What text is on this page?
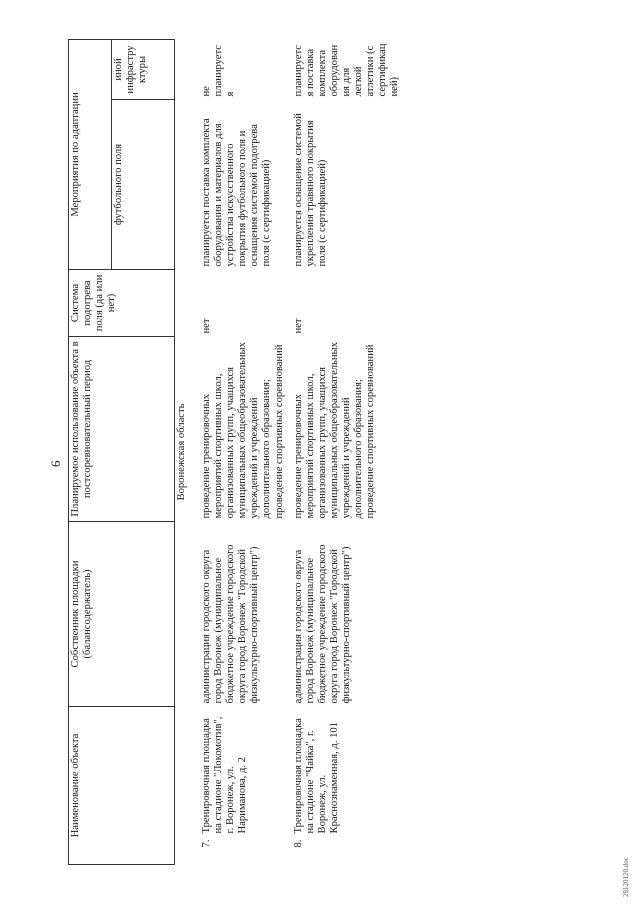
6
Наименование объекта		Собственник площадки (балансодержатель)	Планируемое использование объекта в постсоревновательный период	Система подогрева поля (да или нет)	Мероприятия по адаптации	
					футбольного поля	иной инфраструктуры
Воронежская область						
7.	Тренировочная площадка на стадионе "Локомотив", г. Воронеж, ул. Нариманова, д. 2	администрация городского округа город Воронеж (муниципальное бюджетное учреждение городского округа город Воронеж "Городской физкультурно-спортивный центр")	проведение тренировочных мероприятий спортивных школ, организованных групп, учащихся муниципальных общеобразовательных учреждений и учреждений дополнительного образования; проведение спортивных соревнований	нет	планируется поставка комплекта оборудования и материалов для устройства искусственного покрытия футбольного поля и оснащения системой подогрева поля (с сертификацией)	не планируется
8.	Тренировочная площадка на стадионе "Чайка", г. Воронеж, ул. Краснознаменная, д. 101	администрация городского округа город Воронеж (муниципальное бюджетное учреждение городского округа город Воронеж "Городской физкультурно-спортивный центр")	проведение тренировочных мероприятий спортивных школ, организованных групп, учащихся муниципальных общеобразовательных учреждений и учреждений дополнительного образования; проведение спортивных соревнований	нет	планируется оснащение системой укрепления травяного покрытия поля (с сертификацией)	планируется поставка комплекта оборудования для легкой атлетики (с сертификацией)
28120120.doc
